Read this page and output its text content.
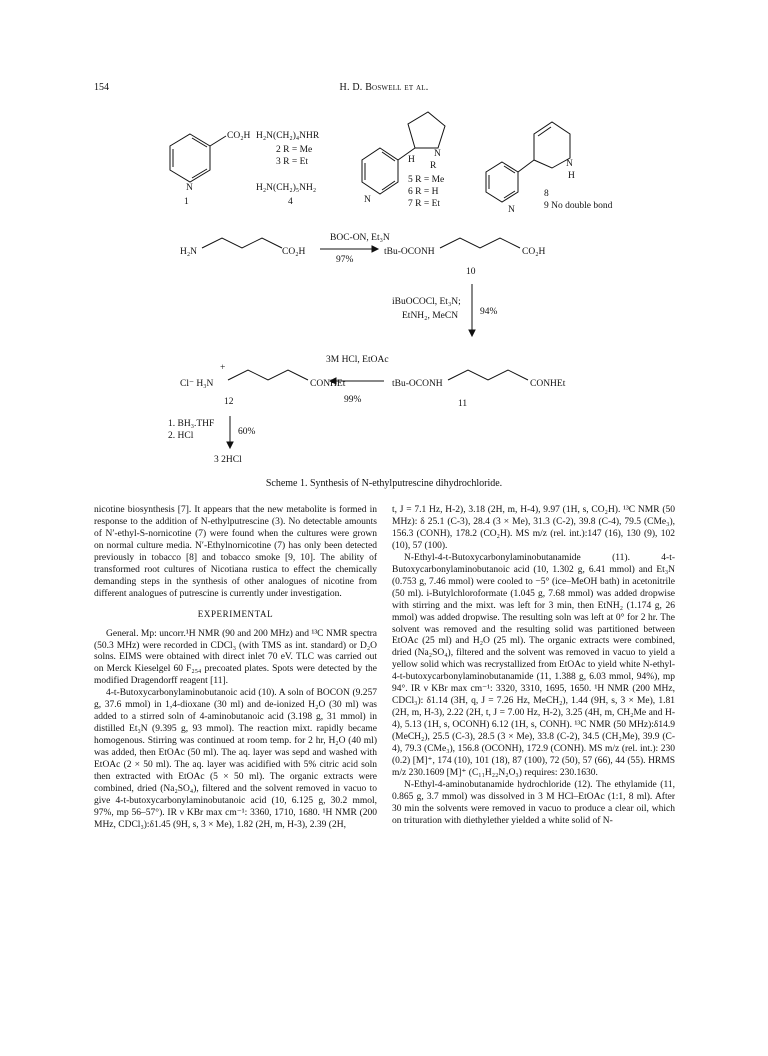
154	H. D. Boswell et al.
CO₂H
N
1
H₂N(CH₂)₄NHR
2 R = Me
3 R = Et
H₂N(CH₂)₅NH₂
4	N
N
H
R
5 R = Me
6 R = H
7 R = Et
N
H
N
8
9 No double bond
H₂N	CO₂H
BOC-ON, Et₃N
97%
tBu-OCONH	CO₂H
10
iBuOCOCl, Et₃N;
EtNH₂, MeCN 94%
tBu-OCONH	CONHEt
11
3M HCl, EtOAc
99%
+
Cl⁻ H₃N	CONHEt
12
1. BH₃.THF
2. HCl	60%
3 2HCl
Scheme 1. Synthesis of N-ethylputrescine dihydrochloride.

nicotine biosynthesis [7]. It appears that the new metabolite is formed in response to the addition of N-ethylputrescine (3). No detectable amounts of N′-ethyl-S-nornicotine (7) were found when the cultures were grown on normal culture media. N′-Ethylnornicotine (7) has only been detected previously in tobacco [8] and tobacco smoke [9, 10]. The ability of transformed root cultures of Nicotiana rustica to effect the chemically demanding steps in the synthesis of other analogues of nicotine from different analogues of putrescine is currently under investigation.

EXPERIMENTAL

General. Mp: uncorr.¹H NMR (90 and 200 MHz) and ¹³C NMR spectra (50.3 MHz) were recorded in CDCl₃ (with TMS as int. standard) or D₂O solns. EIMS were obtained with direct inlet 70 eV. TLC was carried out on Merck Kieselgel 60 F₂₅₄ precoated plates. Spots were detected by the modified Dragendorff reagent [11].

4-t-Butoxycarbonylaminobutanoic acid (10). A soln of BOCON (9.257 g, 37.6 mmol) in 1,4-dioxane (30 ml) and de-ionized H₂O (30 ml) was added to a stirred soln of 4-aminobutanoic acid (3.198 g, 31 mmol) in distilled Et₃N (9.395 g, 93 mmol). The reaction mixt. rapidly became homogenous. Stirring was continued at room temp. for 2 hr, H₂O (40 ml) was added, then EtOAc (50 ml). The aq. layer was sepd and washed with EtOAc (2 × 50 ml). The aq. layer was acidified with 5% citric acid soln then extracted with EtOAc (5 × 50 ml). The organic extracts were combined, dried (Na₂SO₄), filtered and the solvent removed in vacuo to give 4-t-butoxycarbonylaminobutanoic acid (10, 6.125 g, 30.2 mmol, 97%, mp 56–57°). IR ν KBr max cm⁻¹: 3360, 1710, 1680. ¹H NMR (200 MHz, CDCl₃):δ1.45 (9H, s, 3 × Me), 1.82 (2H, m, H-3), 2.39 (2H,

t, J = 7.1 Hz, H-2), 3.18 (2H, m, H-4), 9.97 (1H, s, CO₂H). ¹³C NMR (50 MHz): δ 25.1 (C-3), 28.4 (3 × Me), 31.3 (C-2), 39.8 (C-4), 79.5 (CMe₃), 156.3 (CONH), 178.2 (CO₂H). MS m/z (rel. int.):147 (16), 130 (9), 102 (10), 57 (100).

N-Ethyl-4-t-Butoxycarbonylaminobutanamide (11). 4-t-Butoxycarbonylaminobutanoic acid (10, 1.302 g, 6.41 mmol) and Et₃N (0.753 g, 7.46 mmol) were cooled to −5° (ice–MeOH bath) in acetonitrile (50 ml). i-Butylchloroformate (1.045 g, 7.68 mmol) was added dropwise with stirring and the mixt. was left for 3 min, then EtNH₂ (1.174 g, 26 mmol) was added dropwise. The resulting soln was left at 0° for 2 hr. The solvent was removed and the resulting solid was partitioned between EtOAc (25 ml) and H₂O (25 ml). The organic extracts were combined, dried (Na₂SO₄), filtered and the solvent was removed in vacuo to yield a yellow solid which was recrystallized from EtOAc to yield white N-ethyl-4-t-butoxycarbonylaminobutanamide (11, 1.388 g, 6.03 mmol, 94%), mp 94°. IR ν KBr max cm⁻¹: 3320, 3310, 1695, 1650. ¹H NMR (200 MHz, CDCl₃): δ1.14 (3H, q, J = 7.26 Hz, MeCH₂), 1.44 (9H, s, 3 × Me), 1.81 (2H, m, H-3), 2.22 (2H, t, J = 7.00 Hz, H-2), 3.25 (4H, m, CH₂Me and H-4), 5.13 (1H, s, OCONH) 6.12 (1H, s, CONH). ¹³C NMR (50 MHz):δ14.9 (MeCH₂), 25.5 (C-3), 28.5 (3 × Me), 33.8 (C-2), 34.5 (CH₂Me), 39.9 (C-4), 79.3 (CMe₃), 156.8 (OCONH), 172.9 (CONH). MS m/z (rel. int.): 230 (0.2) [M]⁺, 174 (10), 101 (18), 87 (100), 72 (50), 57 (66), 44 (55). HRMS m/z 230.1609 [M]⁺ (C₁₁H₂₂N₂O₃) requires: 230.1630.

N-Ethyl-4-aminobutanamide hydrochloride (12). The ethylamide (11, 0.865 g, 3.7 mmol) was dissolved in 3 M HCl–EtOAc (1:1, 8 ml). After 30 min the solvents were removed in vacuo to produce a clear oil, which on trituration with diethylether yielded a white solid of N-
